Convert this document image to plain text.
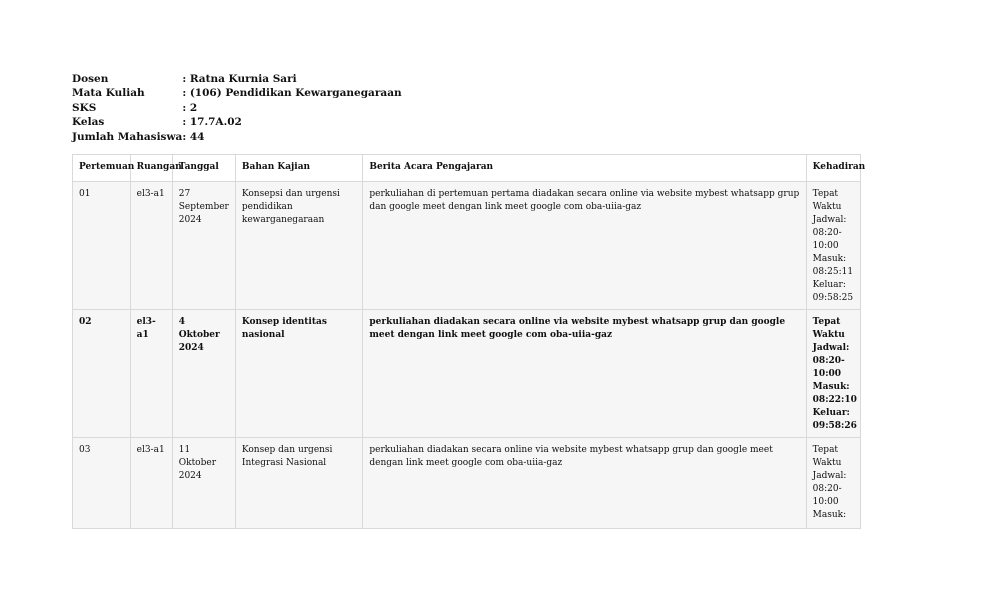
Dosen	: Ratna Kurnia Sari
Mata Kuliah	: (106) Pendidikan Kewarganegaraan
SKS	: 2
Kelas	: 17.7A.02
Jumlah Mahasiswa	: 44
Pertemuan	Ruangan	Tanggal	Bahan Kajian	Berita Acara Pengajaran	Kehadiran
01	el3-a1	27 September 2024	Konsepsi dan urgensi pendidikan kewarganegaraan	perkuliahan di pertemuan pertama diadakan secara online via website mybest whatsapp grup dan google meet dengan link meet google com oba-uiia-gaz	Tepat Waktu Jadwal: 08:20-10:00 Masuk: 08:25:11 Keluar: 09:58:25
02	el3-a1	4 Oktober 2024	Konsep identitas nasional	perkuliahan diadakan secara online via website mybest whatsapp grup dan google meet dengan link meet google com oba-uiia-gaz	Tepat Waktu Jadwal: 08:20-10:00 Masuk: 08:22:10 Keluar: 09:58:26
03	el3-a1	11 Oktober 2024	Konsep dan urgensi Integrasi Nasional	perkuliahan diadakan secara online via website mybest whatsapp grup dan google meet dengan link meet google com oba-uiia-gaz	Tepat Waktu Jadwal: 08:20-10:00 Masuk:
